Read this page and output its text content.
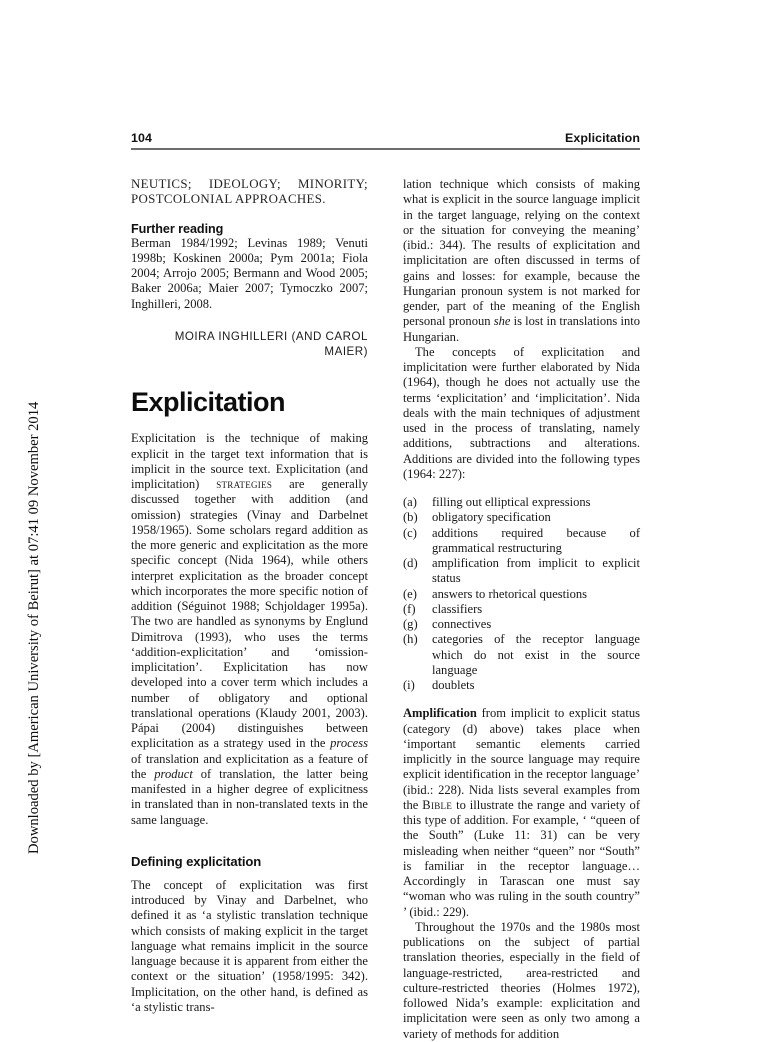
Downloaded by [American University of Beirut] at 07:41 09 November 2014
104	Explicitation

NEUTICS; IDEOLOGY; MINORITY; POSTCOLONIAL APPROACHES.

Further reading

Berman 1984/1992; Levinas 1989; Venuti 1998b; Koskinen 2000a; Pym 2001a; Fiola 2004; Arrojo 2005; Bermann and Wood 2005; Baker 2006a; Maier 2007; Tymoczko 2007; Inghilleri, 2008.

MOIRA INGHILLERI (AND CAROL MAIER)

Explicitation

Explicitation is the technique of making explicit in the target text information that is implicit in the source text. Explicitation (and implicitation) strategies are generally discussed together with addition (and omission) strategies (Vinay and Darbelnet 1958/1965). Some scholars regard addition as the more generic and explicitation as the more specific concept (Nida 1964), while others interpret explicitation as the broader concept which incorporates the more specific notion of addition (Séguinot 1988; Schjoldager 1995a). The two are handled as synonyms by Englund Dimitrova (1993), who uses the terms ‘addition-explicitation’ and ‘omission-implicitation’. Explicitation has now developed into a cover term which includes a number of obligatory and optional translational operations (Klaudy 2001, 2003). Pápai (2004) distinguishes between explicitation as a strategy used in the process of translation and explicitation as a feature of the product of translation, the latter being manifested in a higher degree of explicitness in translated than in non-translated texts in the same language.

Defining explicitation

The concept of explicitation was first introduced by Vinay and Darbelnet, who defined it as ‘a stylistic translation technique which consists of making explicit in the target language what remains implicit in the source language because it is apparent from either the context or the situation’ (1958/1995: 342). Implicitation, on the other hand, is defined as ‘a stylistic trans-

lation technique which consists of making what is explicit in the source language implicit in the target language, relying on the context or the situation for conveying the meaning’ (ibid.: 344). The results of explicitation and implicitation are often discussed in terms of gains and losses: for example, because the Hungarian pronoun system is not marked for gender, part of the meaning of the English personal pronoun she is lost in translations into Hungarian.

The concepts of explicitation and implicitation were further elaborated by Nida (1964), though he does not actually use the terms ‘explicitation’ and ‘implicitation’. Nida deals with the main techniques of adjustment used in the process of translating, namely additions, subtractions and alterations. Additions are divided into the following types (1964: 227):

(a)	filling out elliptical expressions
(b)	obligatory specification
(c)	additions required because of grammatical restructuring
(d)	amplification from implicit to explicit status
(e)	answers to rhetorical questions
(f)	classifiers
(g)	connectives
(h)	categories of the receptor language which do not exist in the source language
(i)	doublets

Amplification from implicit to explicit status (category (d) above) takes place when ‘important semantic elements carried implicitly in the source language may require explicit identification in the receptor language’ (ibid.: 228). Nida lists several examples from the Bible to illustrate the range and variety of this type of addition. For example, ‘ “queen of the South” (Luke 11: 31) can be very misleading when neither “queen” nor “South” is familiar in the receptor language… Accordingly in Tarascan one must say “woman who was ruling in the south country” ’ (ibid.: 229).

Throughout the 1970s and the 1980s most publications on the subject of partial translation theories, especially in the field of language-restricted, area-restricted and culture-restricted theories (Holmes 1972), followed Nida’s example: explicitation and implicitation were seen as only two among a variety of methods for addition
